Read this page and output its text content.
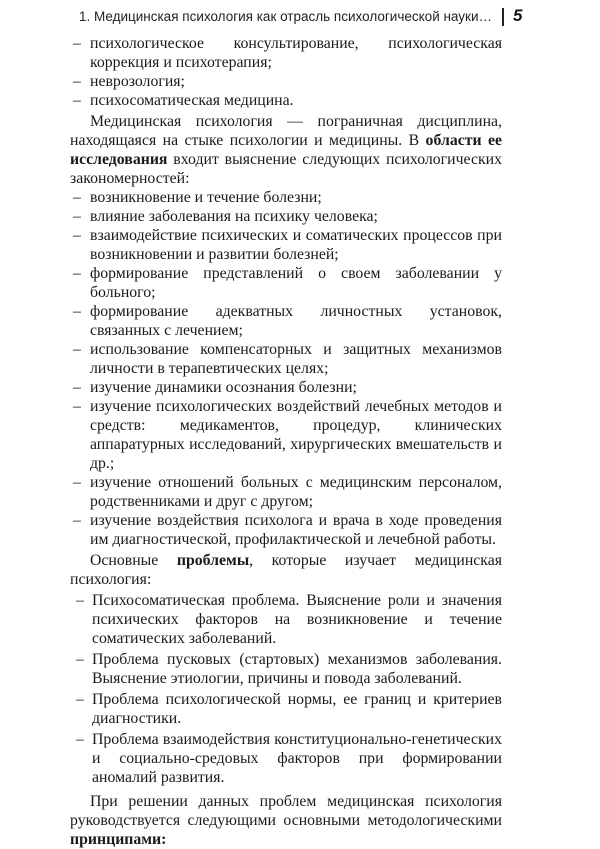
1. Медицинская психология как отрасль психологической науки… 5
– психологическое консультирование, психологическая коррекция и психотерапия;
– неврозология;
– психосоматическая медицина.

Медицинская психология — пограничная дисциплина, находящаяся на стыке психологии и медицины. В области ее исследования входит выяснение следующих психологических закономерностей:

– возникновение и течение болезни;
– влияние заболевания на психику человека;
– взаимодействие психических и соматических процессов при возникновении и развитии болезней;
– формирование представлений о своем заболевании у больного;
– формирование адекватных личностных установок, связанных с лечением;
– использование компенсаторных и защитных механизмов личности в терапевтических целях;
– изучение динамики осознания болезни;
– изучение психологических воздействий лечебных методов и средств: медикаментов, процедур, клинических аппаратурных исследований, хирургических вмешательств и др.;
– изучение отношений больных с медицинским персоналом, родственниками и друг с другом;
– изучение воздействия психолога и врача в ходе проведения им диагностической, профилактической и лечебной работы.

Основные проблемы, которые изучает медицинская психология:

– Психосоматическая проблема. Выяснение роли и значения психических факторов на возникновение и течение соматических заболеваний.
– Проблема пусковых (стартовых) механизмов заболевания. Выяснение этиологии, причины и повода заболеваний.
– Проблема психологической нормы, ее границ и критериев диагностики.
– Проблема взаимодействия конституционально-генетических и социально-средовых факторов при формировании аномалий развития.

При решении данных проблем медицинская психология руководствуется следующими основными методологическими принципами:
